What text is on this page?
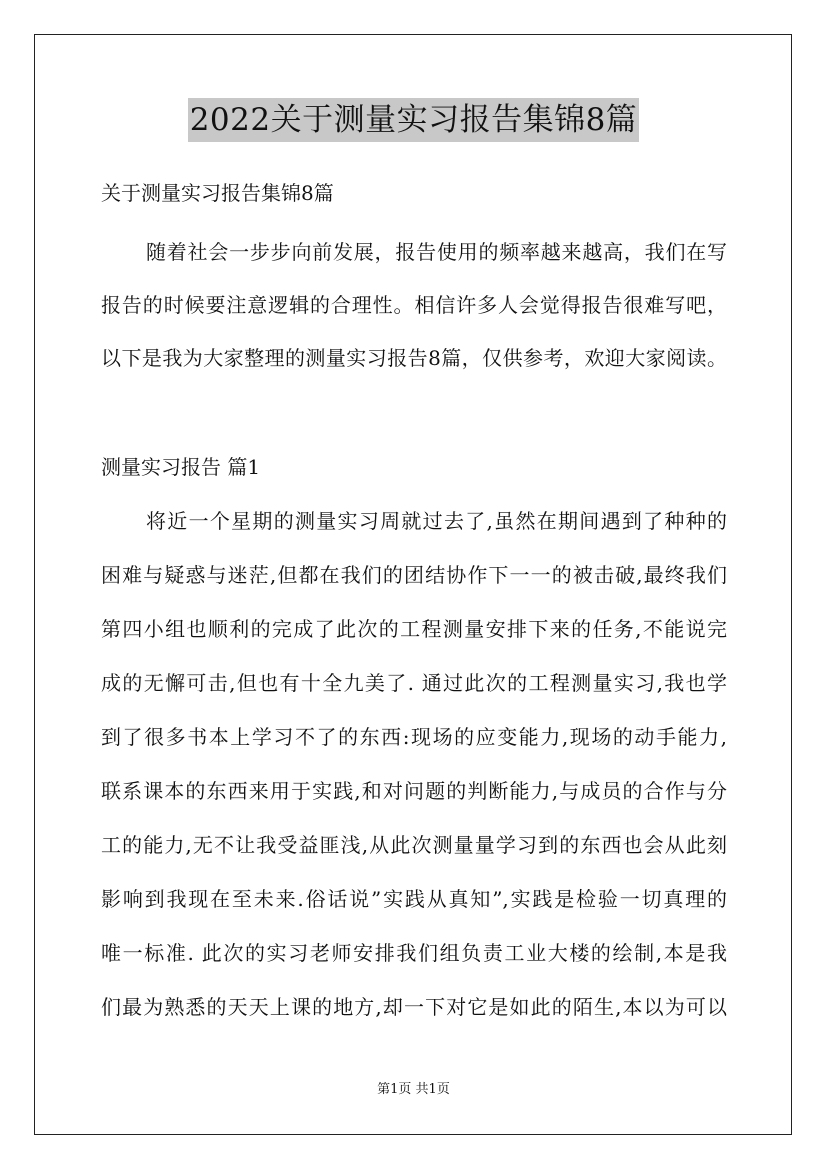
2022关于测量实习报告集锦8篇
关于测量实习报告集锦8篇
随着社会一步步向前发展，报告使用的频率越来越高，我们在写
报告的时候要注意逻辑的合理性。相信许多人会觉得报告很难写吧，
以下是我为大家整理的测量实习报告8篇，仅供参考，欢迎大家阅读。
测量实习报告 篇1
将近一个星期的测量实习周就过去了,虽然在期间遇到了种种的
困难与疑惑与迷茫,但都在我们的团结协作下一一的被击破,最终我们
第四小组也顺利的完成了此次的工程测量安排下来的任务,不能说完
成的无懈可击,但也有十全九美了. 通过此次的工程测量实习,我也学
到了很多书本上学习不了的东西:现场的应变能力,现场的动手能力,
联系课本的东西来用于实践,和对问题的判断能力,与成员的合作与分
工的能力,无不让我受益匪浅,从此次测量量学习到的东西也会从此刻
影响到我现在至未来.俗话说”实践从真知”,实践是检验一切真理的
唯一标准. 此次的实习老师安排我们组负责工业大楼的绘制,本是我
们最为熟悉的天天上课的地方,却一下对它是如此的陌生,本以为可以
第1页 共1页
